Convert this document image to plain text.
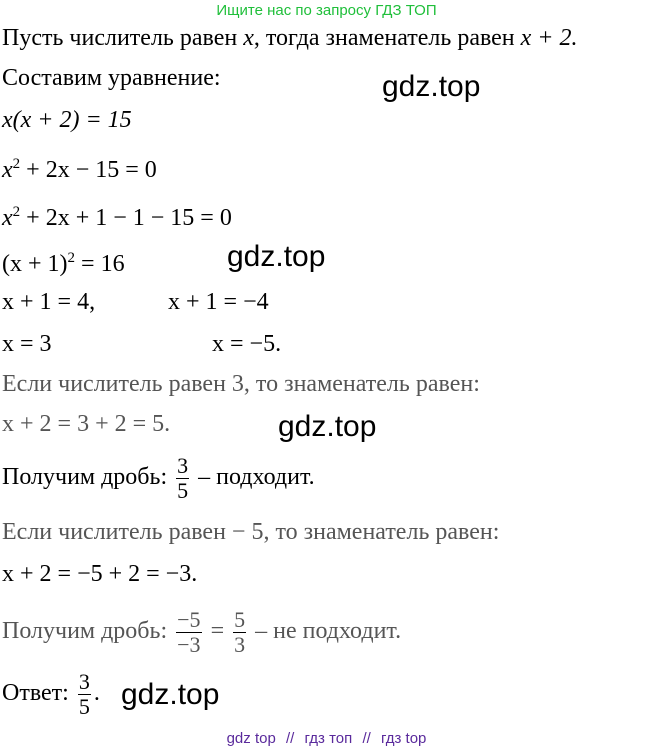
Ищите нас по запросу ГДЗ ТОП
Пусть числитель равен x, тогда знаменатель равен x + 2.
Составим уравнение:
x(x + 2) = 15
$x^2 + 2x - 15 = 0$
$x^2 + 2x + 1 - 1 - 15 = 0$
$(x + 1)^2 = 16$
x + 1 = 4,	x + 1 = −4
x = 3	x = −5.
Если числитель равен 3, то знаменатель равен:
x + 2 = 3 + 2 = 5.
Получим дробь: $\frac{3}{5}$ – подходит.
Если числитель равен − 5, то знаменатель равен:
x + 2 = −5 + 2 = −3.
Получим дробь: $\frac{-5}{-3} = \frac{5}{3}$ – не подходит.
Ответ: $\frac{3}{5}$ .
gdz.top
gdz.top
gdz.top
gdz.top
gdz top // гдз топ // гдз top
